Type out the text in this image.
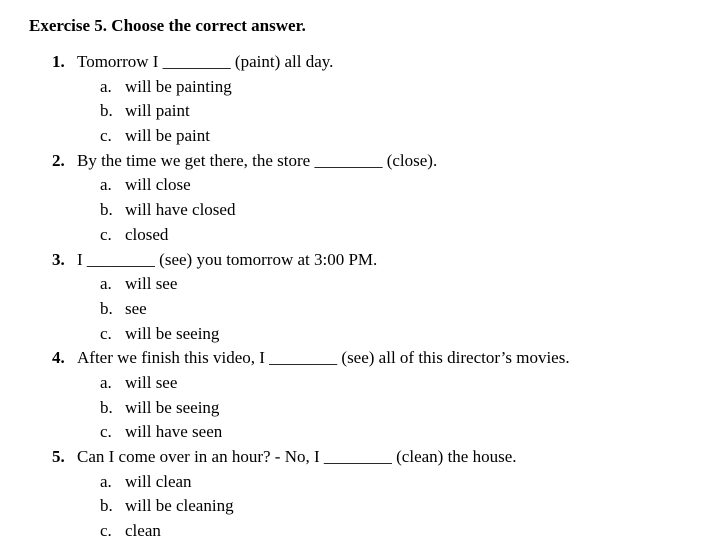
Exercise 5. Choose the correct answer.
1. Tomorrow I ________ (paint) all day.
a. will be painting
b. will paint
c. will be paint
2. By the time we get there, the store ________ (close).
a. will close
b. will have closed
c. closed
3. I ________ (see) you tomorrow at 3:00 PM.
a. will see
b. see
c. will be seeing
4. After we finish this video, I ________ (see) all of this director’s movies.
a. will see
b. will be seeing
c. will have seen
5. Can I come over in an hour? - No, I ________ (clean) the house.
a. will clean
b. will be cleaning
c. clean
